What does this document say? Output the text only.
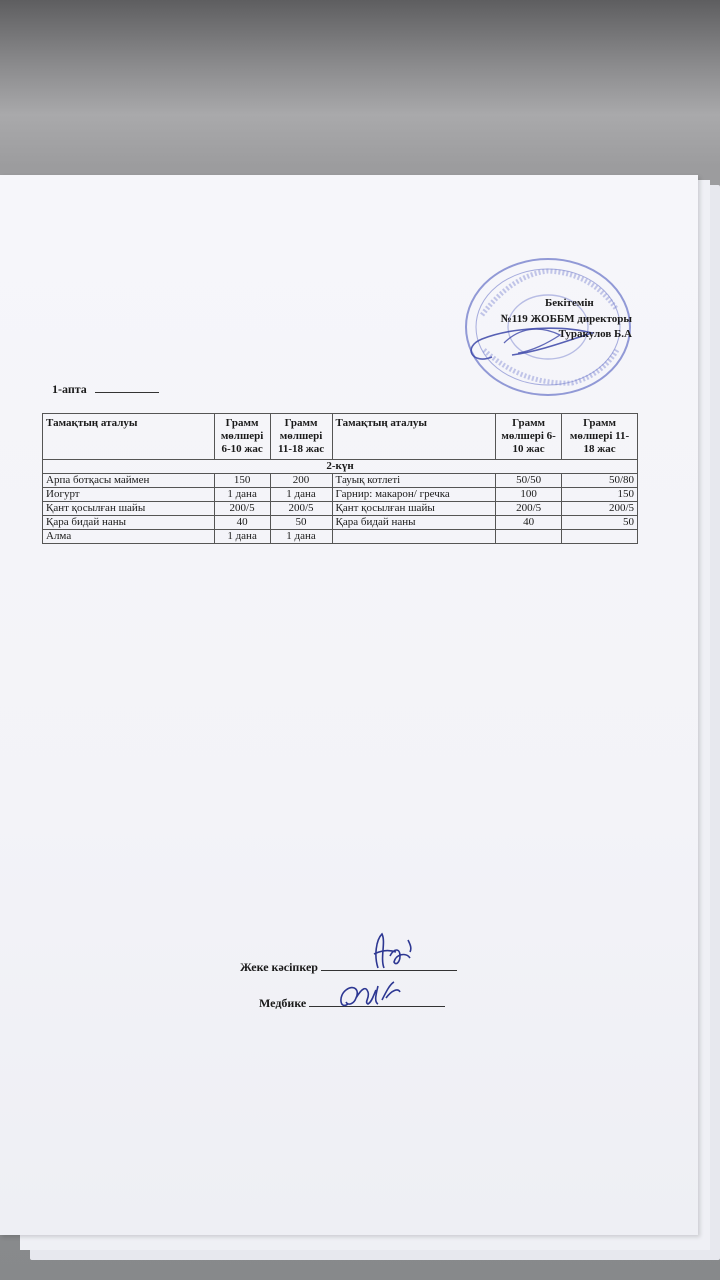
Бекітемін
№119 ЖОББМ директоры
Туракулов Б.А
1-апта
Тамақтың аталуы	Грамм мөлшері 6-10 жас	Грамм мөлшері 11-18 жас	Тамақтың аталуы	Грамм мөлшері 6-10 жас	Грамм мөлшері 11-18 жас
2-күн					
Арпа ботқасы маймен	150	200	Тауық котлеті	50/50	50/80
Иогурт	1 дана	1 дана	Гарнир: макарон/ гречка	100	150
Қант қосылған шайы	200/5	200/5	Қант қосылған шайы	200/5	200/5
Қара бидай наны	40	50	Қара бидай наны	40	50
Алма	1 дана	1 дана			
Жеке кәсіпкер
Медбике
